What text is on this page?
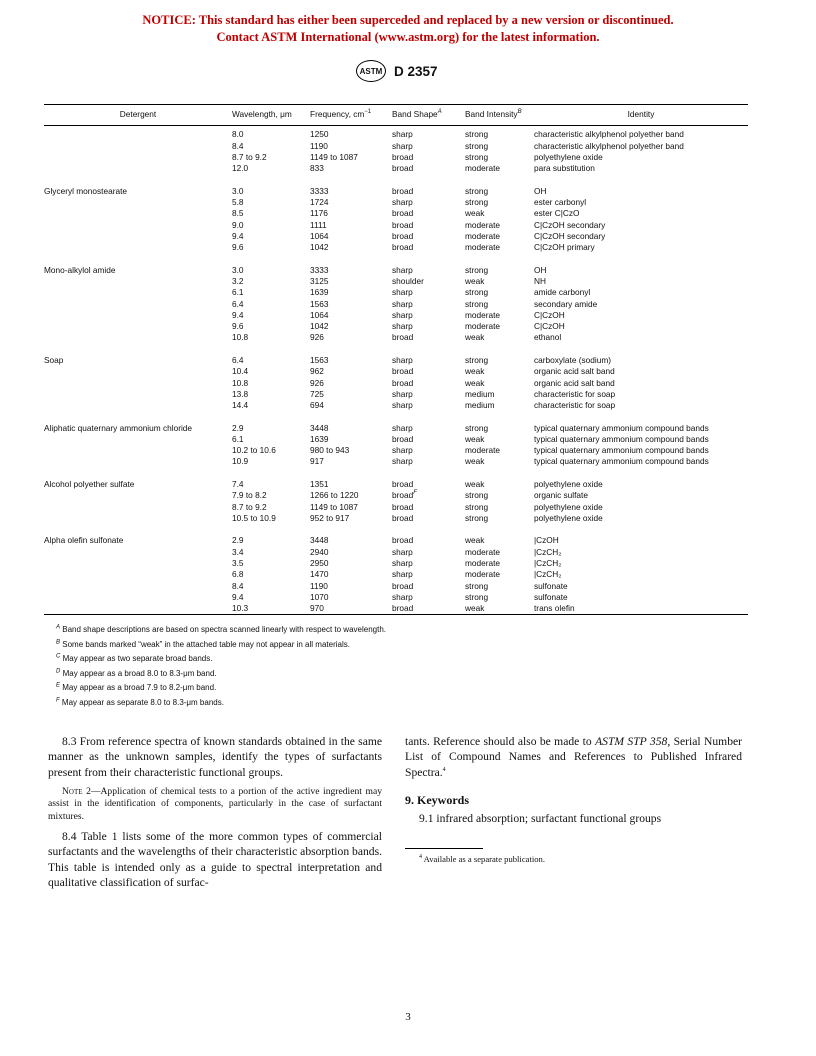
NOTICE: This standard has either been superceded and replaced by a new version or discontinued.
Contact ASTM International (www.astm.org) for the latest information.
ASTM D 2357
Detergent	Wavelength, μm	Frequency, $cm^{-1}$	Band Shape$^A$	Band Intensity$^B$	Identity

	8.0	1250	sharp	strong	characteristic alkylphenol polyether band
	8.4	1190	sharp	strong	characteristic alkylphenol polyether band
	8.7 to 9.2	1149 to 1087	broad	strong	polyethylene oxide
	12.0	833	broad	moderate	para substitution

Glyceryl monostearate	3.0	3333	broad	strong	OH
	5.8	1724	sharp	strong	ester carbonyl
	8.5	1176	broad	weak	ester C|CzO
	9.0	1111	broad	moderate	C|CzOH secondary
	9.4	1064	broad	moderate	C|CzOH secondary
	9.6	1042	broad	moderate	C|CzOH primary

Mono-alkylol amide	3.0	3333	sharp	strong	OH
	3.2	3125	shoulder	weak	NH
	6.1	1639	sharp	strong	amide carbonyl
	6.4	1563	sharp	strong	secondary amide
	9.4	1064	sharp	moderate	C|CzOH
	9.6	1042	sharp	moderate	C|CzOH
	10.8	926	broad	weak	ethanol

Soap	6.4	1563	sharp	strong	carboxylate (sodium)
	10.4	962	broad	weak	organic acid salt band
	10.8	926	broad	weak	organic acid salt band
	13.8	725	sharp	medium	characteristic for soap
	14.4	694	sharp	medium	characteristic for soap

Aliphatic quaternary ammonium chloride	2.9	3448	sharp	strong	typical quaternary ammonium compound bands
	6.1	1639	broad	weak	typical quaternary ammonium compound bands
	10.2 to 10.6	980 to 943	sharp	moderate	typical quaternary ammonium compound bands
	10.9	917	sharp	weak	typical quaternary ammonium compound bands

Alcohol polyether sulfate	7.4	1351	broad	weak	polyethylene oxide
	7.9 to 8.2	1266 to 1220	broad$^F$	strong	organic sulfate
	8.7 to 9.2	1149 to 1087	broad	strong	polyethylene oxide
	10.5 to 10.9	952 to 917	broad	strong	polyethylene oxide

Alpha olefin sulfonate	2.9	3448	broad	weak	|CzOH
	3.4	2940	sharp	moderate	|CzCH₂
	3.5	2950	sharp	moderate	|CzCH₂
	6.8	1470	sharp	moderate	|CzCH₂
	8.4	1190	broad	strong	sulfonate
	9.4	1070	sharp	strong	sulfonate
	10.3	970	broad	weak	trans olefin

$^A$ Band shape descriptions are based on spectra scanned linearly with respect to wavelength.
$^B$ Some bands marked “weak” in the attached table may not appear in all materials.
$^C$ May appear as two separate broad bands.
$^D$ May appear as a broad 8.0 to 8.3-μm band.
$^E$ May appear as a broad 7.9 to 8.2-μm band.
$^F$ May appear as separate 8.0 to 8.3-μm bands.

8.3 From reference spectra of known standards obtained in the same manner as the unknown samples, identify the types of surfactants present from their characteristic functional groups.

Note 2—Application of chemical tests to a portion of the active ingredient may assist in the identification of components, particularly in the case of surfactant mixtures.

8.4 Table 1 lists some of the more common types of commercial surfactants and the wavelengths of their characteristic absorption bands. This table is intended only as a guide to spectral interpretation and qualitative classification of surfac-

tants. Reference should also be made to ASTM STP 358, Serial Number List of Compound Names and References to Published Infrared Spectra.$^4$

9. Keywords

9.1 infrared absorption; surfactant functional groups

$^4$ Available as a separate publication.

3
